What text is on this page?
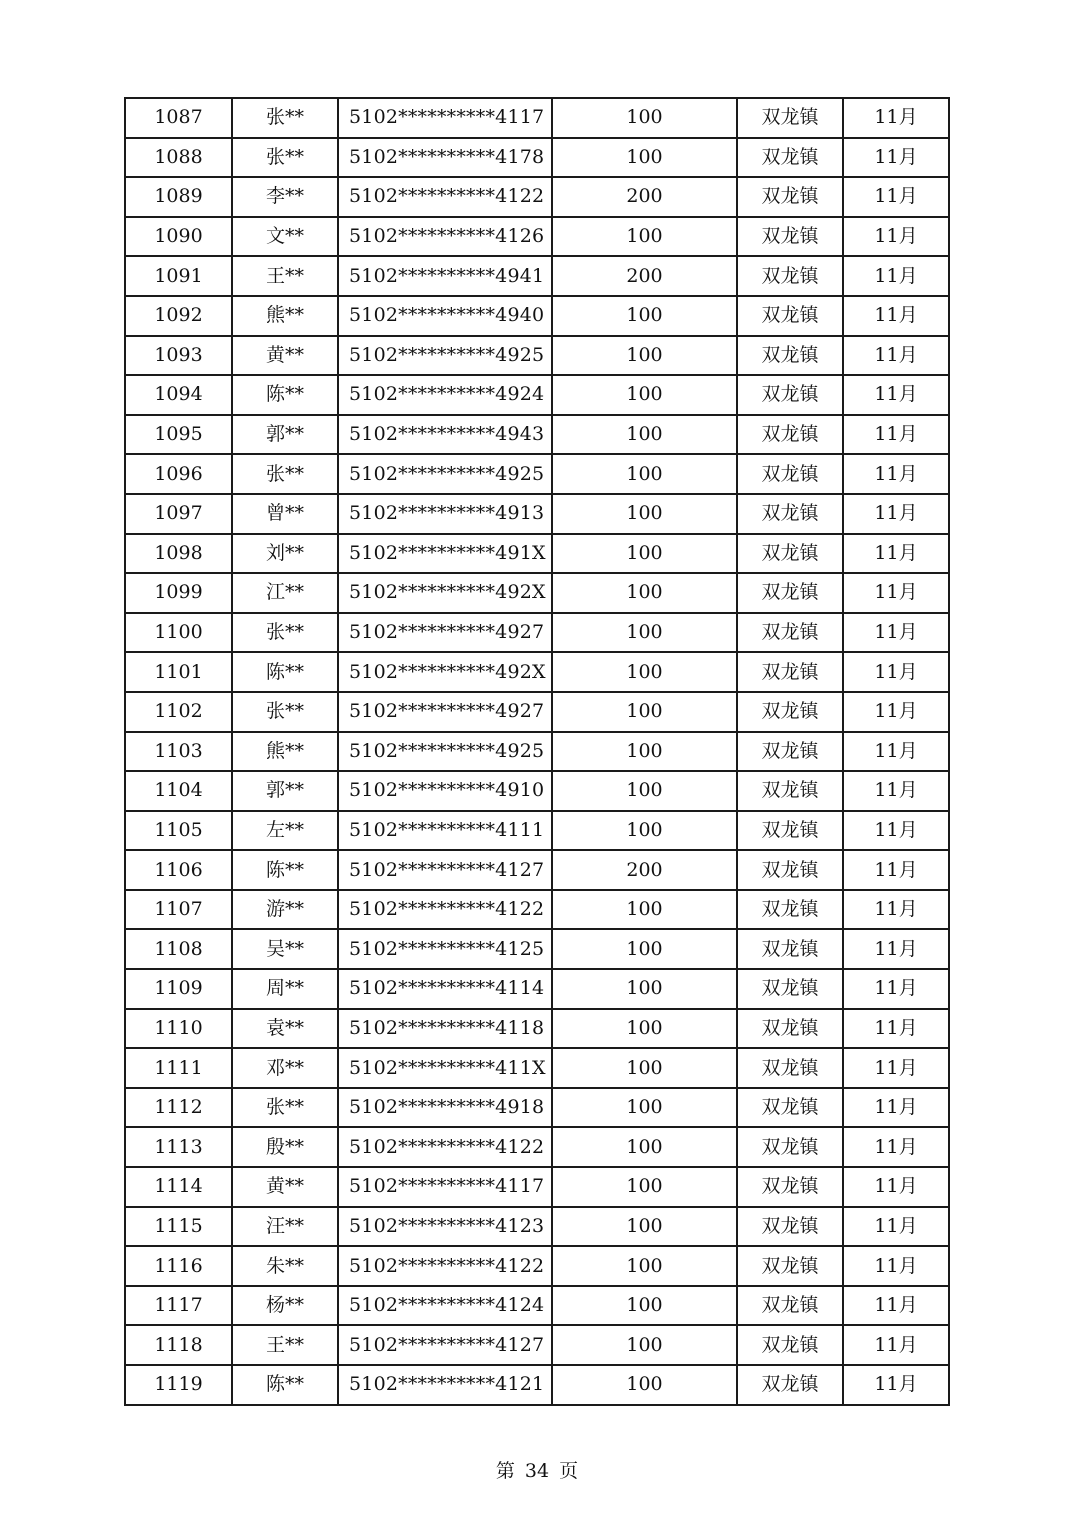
1087	张**	5102**********4117	100	双龙镇	11月
1088	张**	5102**********4178	100	双龙镇	11月
1089	李**	5102**********4122	200	双龙镇	11月
1090	文**	5102**********4126	100	双龙镇	11月
1091	王**	5102**********4941	200	双龙镇	11月
1092	熊**	5102**********4940	100	双龙镇	11月
1093	黄**	5102**********4925	100	双龙镇	11月
1094	陈**	5102**********4924	100	双龙镇	11月
1095	郭**	5102**********4943	100	双龙镇	11月
1096	张**	5102**********4925	100	双龙镇	11月
1097	曾**	5102**********4913	100	双龙镇	11月
1098	刘**	5102**********491X	100	双龙镇	11月
1099	江**	5102**********492X	100	双龙镇	11月
1100	张**	5102**********4927	100	双龙镇	11月
1101	陈**	5102**********492X	100	双龙镇	11月
1102	张**	5102**********4927	100	双龙镇	11月
1103	熊**	5102**********4925	100	双龙镇	11月
1104	郭**	5102**********4910	100	双龙镇	11月
1105	左**	5102**********4111	100	双龙镇	11月
1106	陈**	5102**********4127	200	双龙镇	11月
1107	游**	5102**********4122	100	双龙镇	11月
1108	吴**	5102**********4125	100	双龙镇	11月
1109	周**	5102**********4114	100	双龙镇	11月
1110	袁**	5102**********4118	100	双龙镇	11月
1111	邓**	5102**********411X	100	双龙镇	11月
1112	张**	5102**********4918	100	双龙镇	11月
1113	殷**	5102**********4122	100	双龙镇	11月
1114	黄**	5102**********4117	100	双龙镇	11月
1115	汪**	5102**********4123	100	双龙镇	11月
1116	朱**	5102**********4122	100	双龙镇	11月
1117	杨**	5102**********4124	100	双龙镇	11月
1118	王**	5102**********4127	100	双龙镇	11月
1119	陈**	5102**********4121	100	双龙镇	11月
第 34 页
